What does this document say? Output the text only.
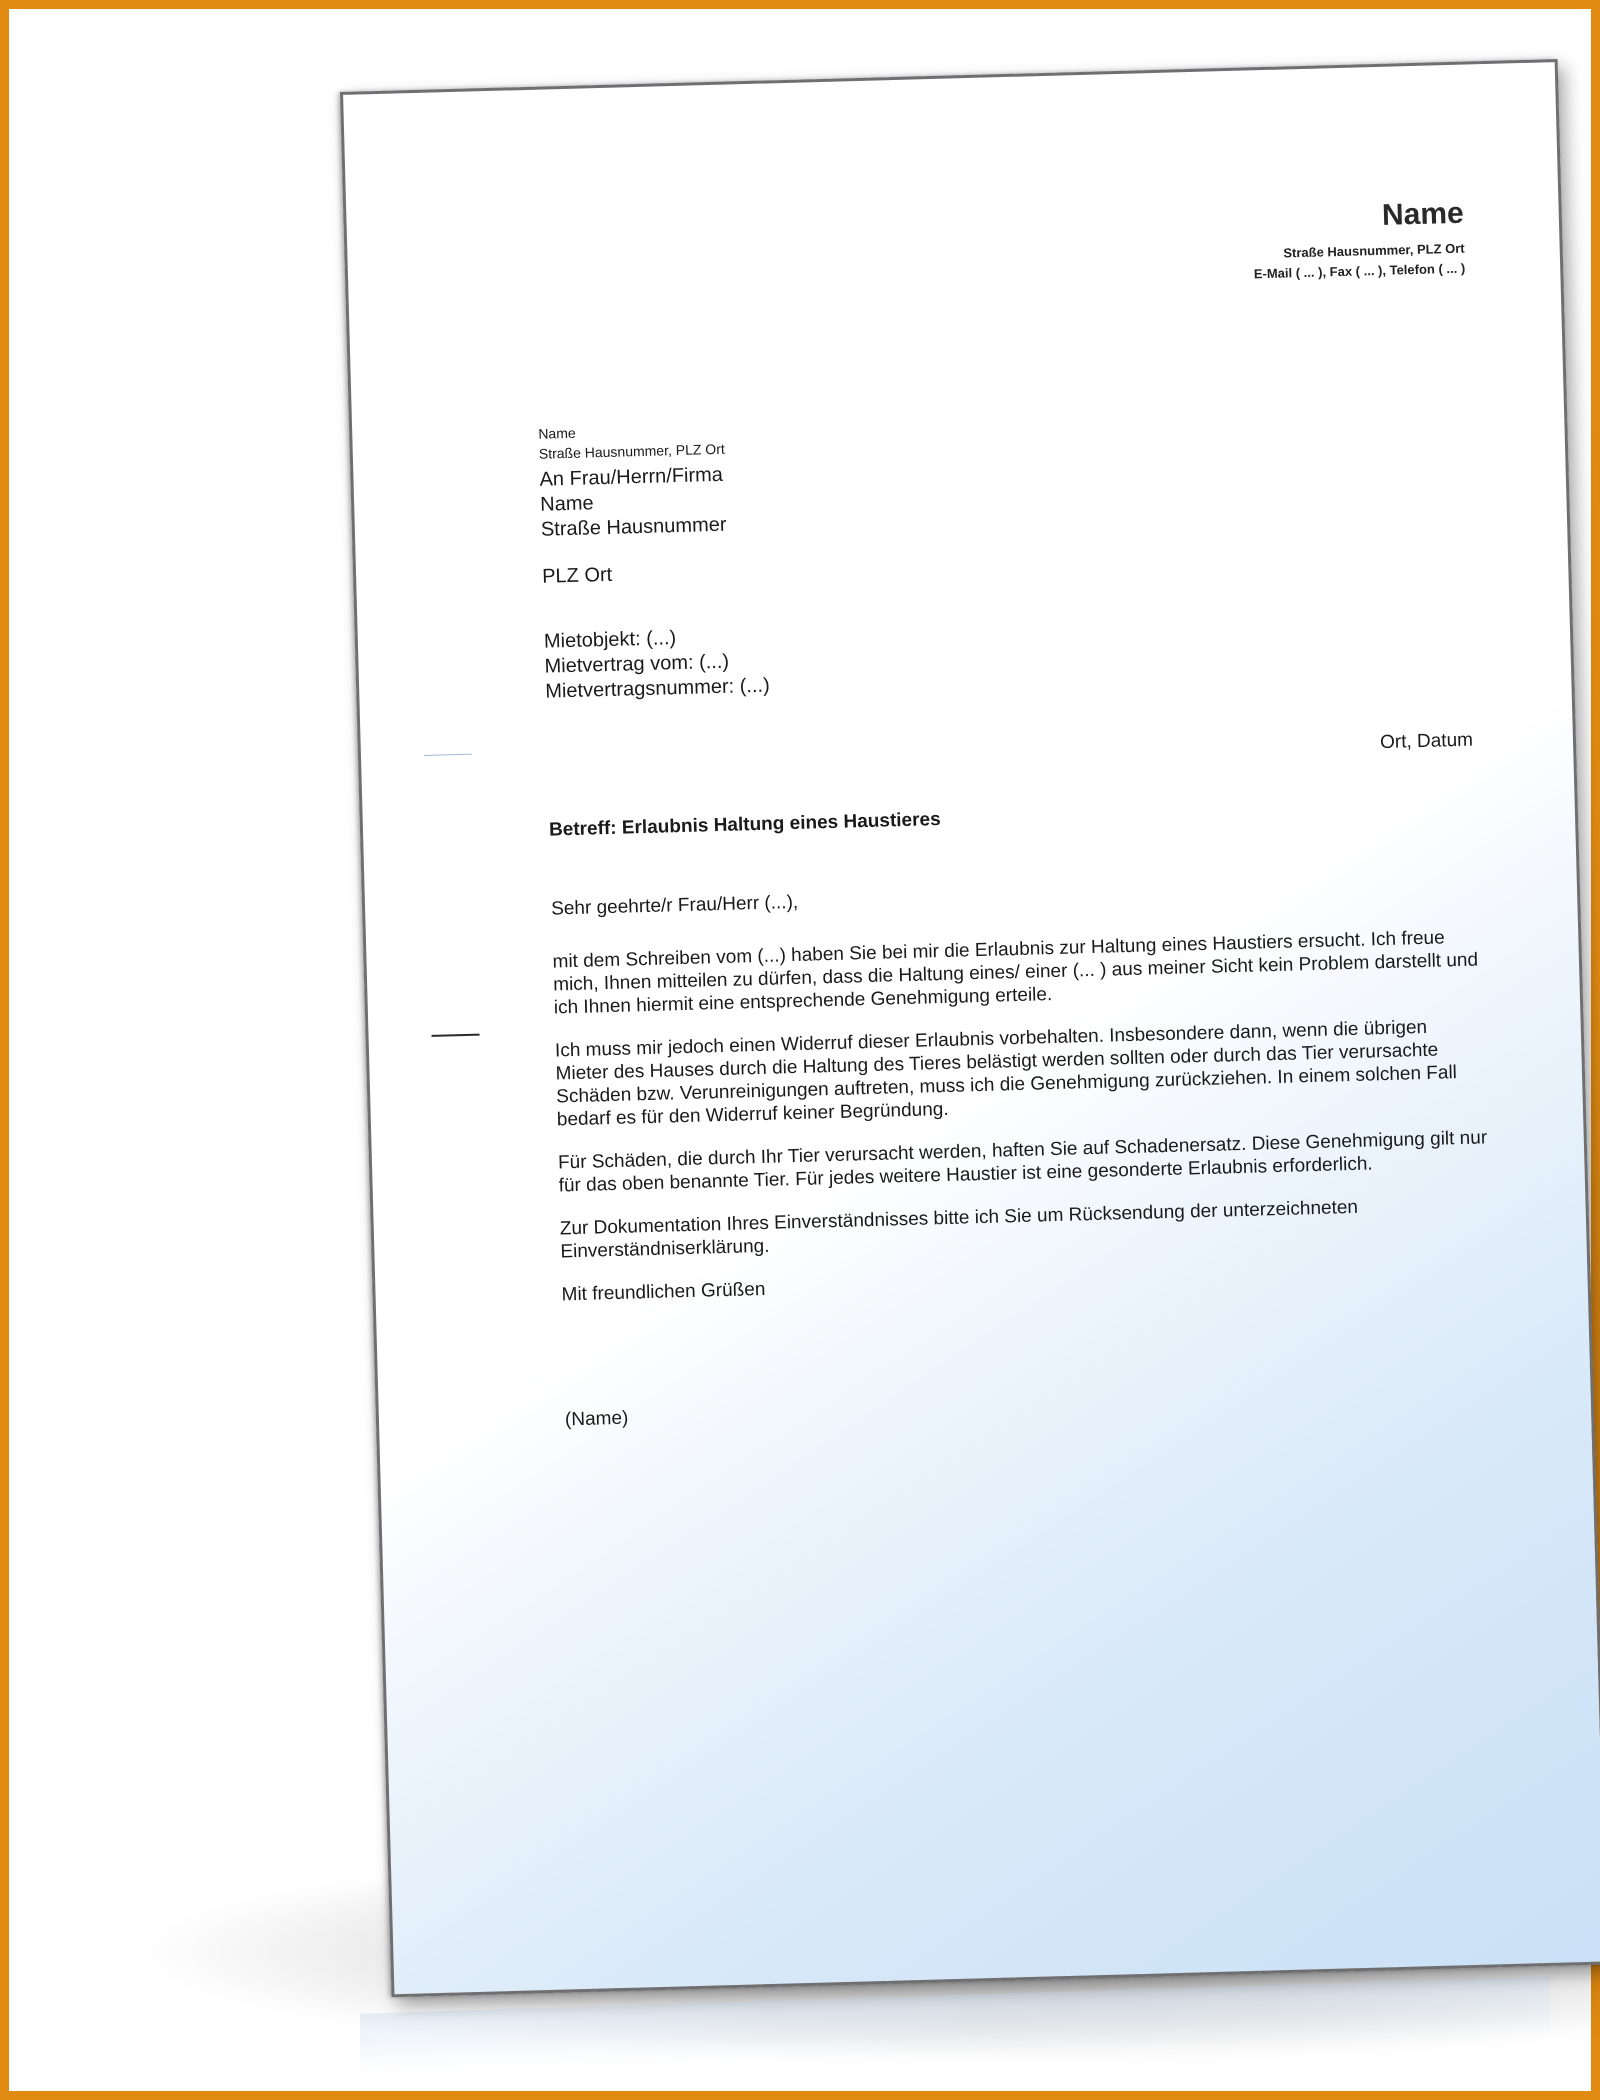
Name
Straße Hausnummer, PLZ Ort
E-Mail ( ... ), Fax ( ... ), Telefon ( ... )
Name
Straße Hausnummer, PLZ Ort
An Frau/Herrn/Firma
Name
Straße Hausnummer
PLZ Ort
Mietobjekt: (...)
Mietvertrag vom: (...)
Mietvertragsnummer: (...)
Ort, Datum
Betreff: Erlaubnis Haltung eines Haustieres

Sehr geehrte/r Frau/Herr (...),

mit dem Schreiben vom (...) haben Sie bei mir die Erlaubnis zur Haltung eines Haustiers ersucht. Ich freue mich, Ihnen mitteilen zu dürfen, dass die Haltung eines/ einer (... ) aus meiner Sicht kein Problem darstellt und ich Ihnen hiermit eine entsprechende Genehmigung erteile.

Ich muss mir jedoch einen Widerruf dieser Erlaubnis vorbehalten. Insbesondere dann, wenn die übrigen Mieter des Hauses durch die Haltung des Tieres belästigt werden sollten oder durch das Tier verursachte Schäden bzw. Verunreinigungen auftreten, muss ich die Genehmigung zurückziehen. In einem solchen Fall bedarf es für den Widerruf keiner Begründung.

Für Schäden, die durch Ihr Tier verursacht werden, haften Sie auf Schadenersatz. Diese Genehmigung gilt nur für das oben benannte Tier. Für jedes weitere Haustier ist eine gesonderte Erlaubnis erforderlich.

Zur Dokumentation Ihres Einverständnisses bitte ich Sie um Rücksendung der unterzeichneten Einverständniserklärung.

Mit freundlichen Grüßen

(Name)
